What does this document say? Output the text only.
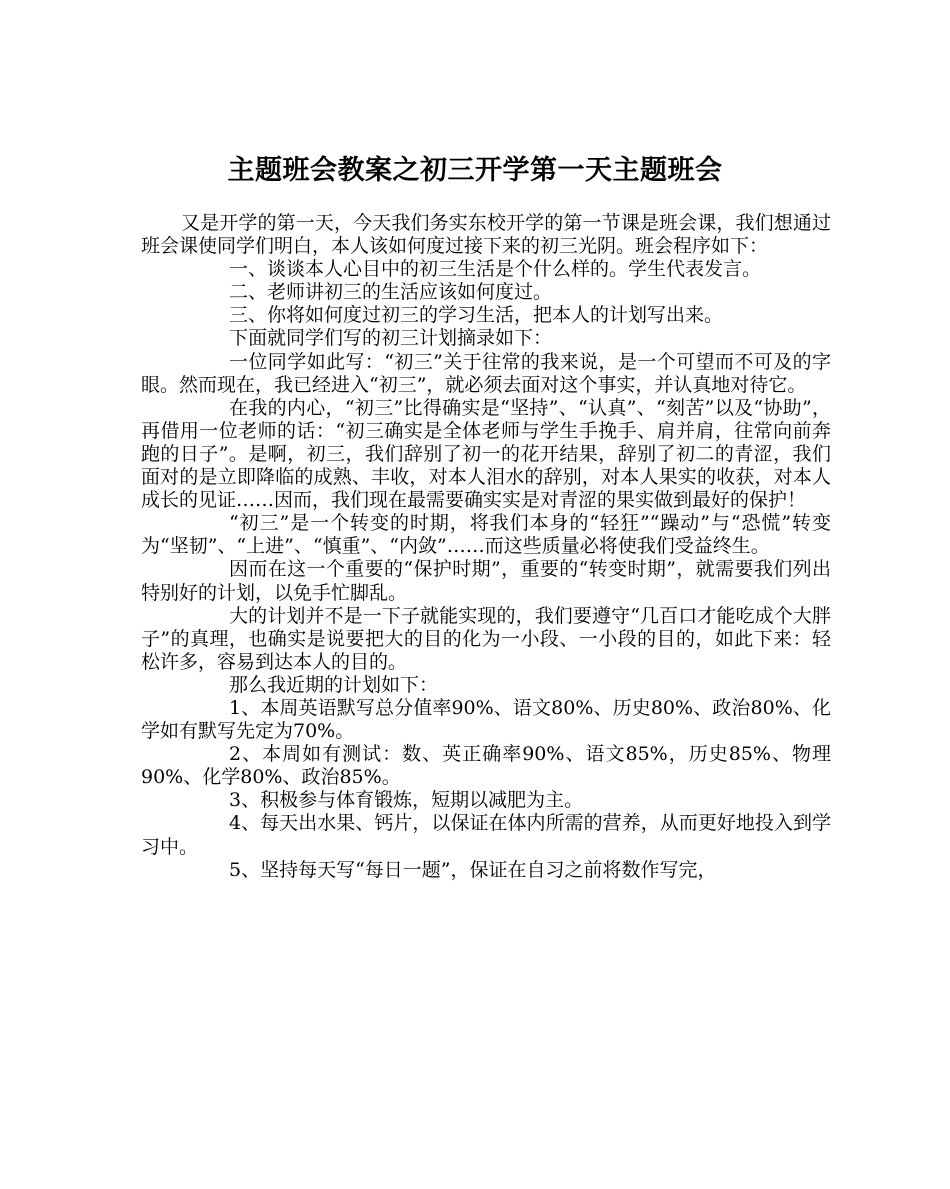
主题班会教案之初三开学第一天主题班会

又是开学的第一天，今天我们务实东校开学的第一节课是班会课，我们想通过班会课使同学们明白，本人该如何度过接下来的初三光阴。班会程序如下：

一、谈谈本人心目中的初三生活是个什么样的。学生代表发言。

二、老师讲初三的生活应该如何度过。

三、你将如何度过初三的学习生活，把本人的计划写出来。

下面就同学们写的初三计划摘录如下：

一位同学如此写：“初三”关于往常的我来说，是一个可望而不可及的字眼。然而现在，我已经进入“初三”，就必须去面对这个事实，并认真地对待它。

在我的内心，“初三”比得确实是“坚持”、“认真”、“刻苦”以及“协助”，再借用一位老师的话：“初三确实是全体老师与学生手挽手、肩并肩，往常向前奔跑的日子”。是啊，初三，我们辞别了初一的花开结果，辞别了初二的青涩，我们面对的是立即降临的成熟、丰收，对本人泪水的辞别，对本人果实的收获，对本人成长的见证……因而，我们现在最需要确实实是对青涩的果实做到最好的保护！

“初三”是一个转变的时期，将我们本身的“轻狂”“躁动”与“恐慌”转变为“坚韧”、“上进”、“慎重”、“内敛”……而这些质量必将使我们受益终生。

因而在这一个重要的“保护时期”，重要的“转变时期”，就需要我们列出特别好的计划，以免手忙脚乱。

大的计划并不是一下子就能实现的，我们要遵守“几百口才能吃成个大胖子”的真理，也确实是说要把大的目的化为一小段、一小段的目的，如此下来：轻松许多，容易到达本人的目的。

那么我近期的计划如下：

1、本周英语默写总分值率90%、语文80%、历史80%、政治80%、化学如有默写先定为70%。

2、本周如有测试：数、英正确率90%、语文85%，历史85%、物理90%、化学80%、政治85%。

3、积极参与体育锻炼，短期以减肥为主。

4、每天出水果、钙片，以保证在体内所需的营养，从而更好地投入到学习中。

5、坚持每天写“每日一题”，保证在自习之前将数作写完，
